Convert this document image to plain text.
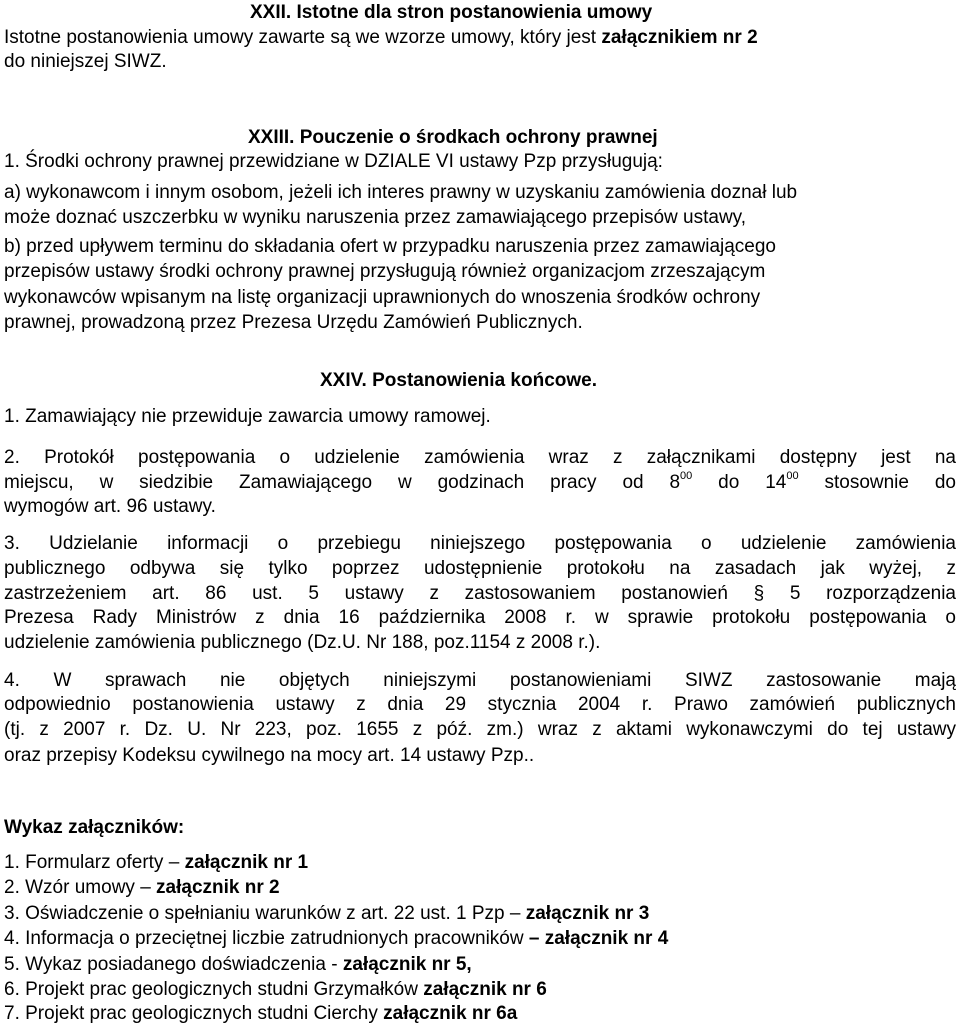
XXII. Istotne dla stron postanowienia umowy
Istotne postanowienia umowy zawarte są we wzorze umowy, który jest załącznikiem nr 2
do niniejszej SIWZ.
XXIII. Pouczenie o środkach ochrony prawnej
1. Środki ochrony prawnej przewidziane w DZIALE VI ustawy Pzp przysługują:
a) wykonawcom i innym osobom, jeżeli ich interes prawny w uzyskaniu zamówienia doznał lub
może doznać uszczerbku w wyniku naruszenia przez zamawiającego przepisów ustawy,
b) przed upływem terminu do składania ofert w przypadku naruszenia przez zamawiającego
przepisów ustawy środki ochrony prawnej przysługują również organizacjom zrzeszającym
wykonawców wpisanym na listę organizacji uprawnionych do wnoszenia środków ochrony
prawnej, prowadzoną przez Prezesa Urzędu Zamówień Publicznych.
XXIV. Postanowienia końcowe.
1. Zamawiający nie przewiduje zawarcia umowy ramowej.
2. Protokół postępowania o udzielenie zamówienia wraz z załącznikami dostępny jest na
miejscu, w siedzibie Zamawiającego w godzinach pracy od $8^{00}$ do $14^{00}$ stosownie do
wymogów art. 96 ustawy.
3. Udzielanie informacji o przebiegu niniejszego postępowania o udzielenie zamówienia
publicznego odbywa się tylko poprzez udostępnienie protokołu na zasadach jak wyżej, z
zastrzeżeniem art. 86 ust. 5 ustawy z zastosowaniem postanowień § 5 rozporządzenia
Prezesa Rady Ministrów z dnia 16 października 2008 r. w sprawie protokołu postępowania o
udzielenie zamówienia publicznego (Dz.U. Nr 188, poz.1154 z 2008 r.).
4. W sprawach nie objętych niniejszymi postanowieniami SIWZ zastosowanie mają
odpowiednio postanowienia ustawy z dnia 29 stycznia 2004 r. Prawo zamówień publicznych
(tj. z 2007 r. Dz. U. Nr 223, poz. 1655 z póź. zm.) wraz z aktami wykonawczymi do tej ustawy
oraz przepisy Kodeksu cywilnego na mocy art. 14 ustawy Pzp..
Wykaz załączników:
1. Formularz oferty – załącznik nr 1
2. Wzór umowy – załącznik nr 2
3. Oświadczenie o spełnianiu warunków z art. 22 ust. 1 Pzp – załącznik nr 3
4. Informacja o przeciętnej liczbie zatrudnionych pracowników – załącznik nr 4
5. Wykaz posiadanego doświadczenia - załącznik nr 5,
6. Projekt prac geologicznych studni Grzymałków załącznik nr 6
7. Projekt prac geologicznych studni Cierchy załącznik nr 6a
